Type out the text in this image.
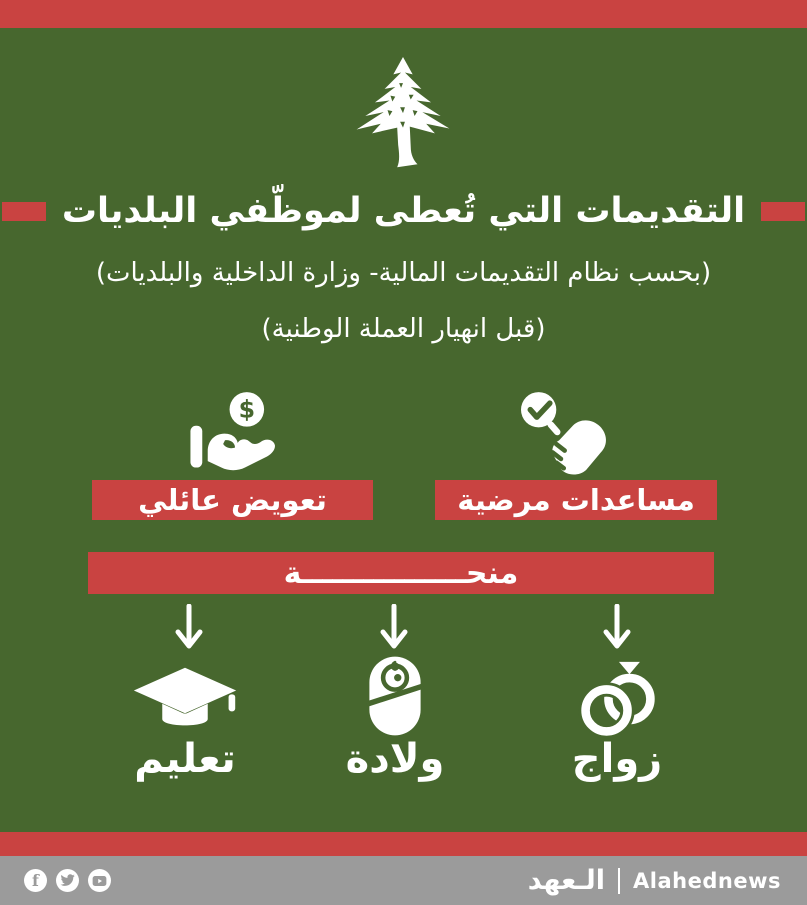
التقديمات التي تُعطى لموظّفي البلديات
(بحسب نظام التقديمات المالية- وزارة الداخلية والبلديات)
(قبل انهيار العملة الوطنية)
$
تعويض عائلي	مساعدات مرضية
منحــــــــــــــــة
تعليم	ولادة	زواج
f	الـعهد Alahednews
